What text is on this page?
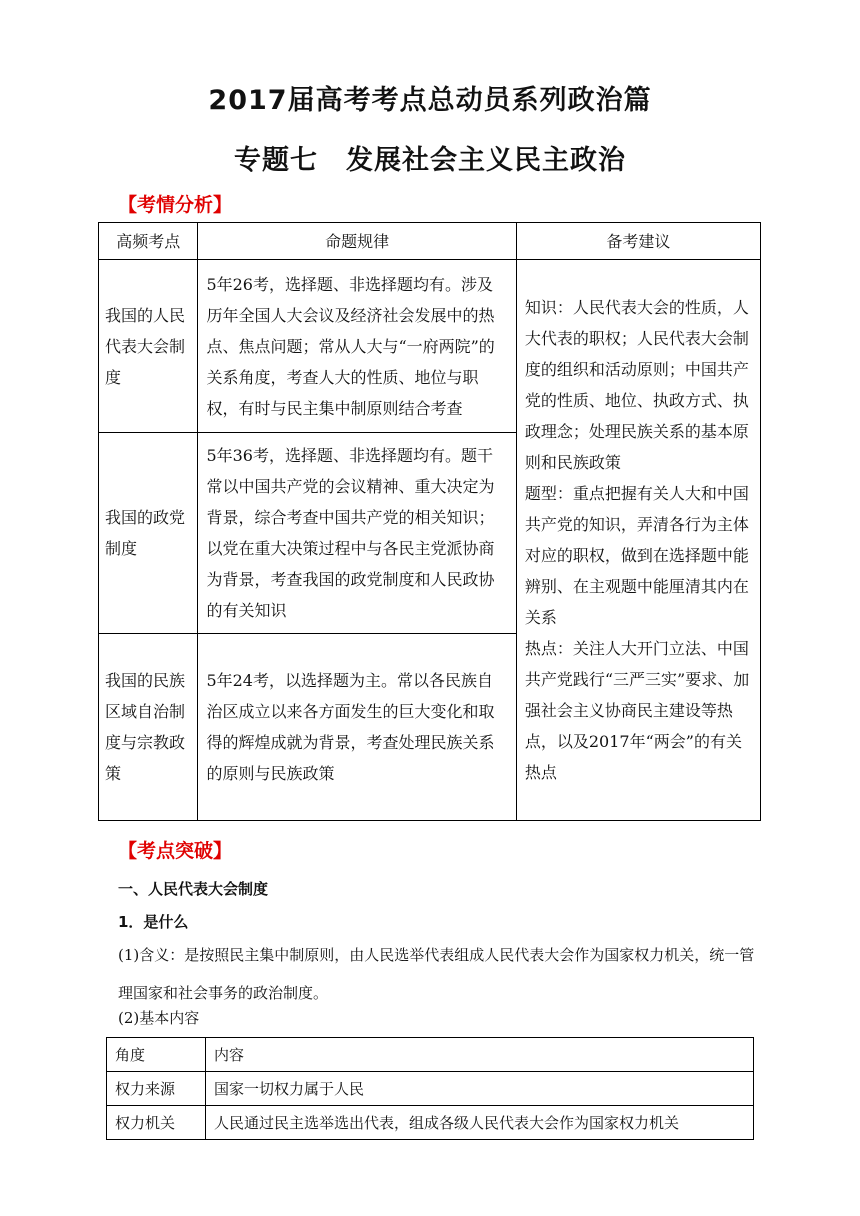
2017届高考考点总动员系列政治篇
专题七　发展社会主义民主政治
【考情分析】
高频考点	命题规律	备考建议
我国的人民代表大会制度	5年26考，选择题、非选择题均有。涉及历年全国人大会议及经济社会发展中的热点、焦点问题；常从人大与“一府两院”的关系角度，考查人大的性质、地位与职权，有时与民主集中制原则结合考查	知识：人民代表大会的性质，人大代表的职权；人民代表大会制度的组织和活动原则；中国共产党的性质、地位、执政方式、执政理念；处理民族关系的基本原则和民族政策
题型：重点把握有关人大和中国共产党的知识，弄清各行为主体对应的职权，做到在选择题中能辨别、在主观题中能厘清其内在关系
热点：关注人大开门立法、中国共产党践行“三严三实”要求、加强社会主义协商民主建设等热点，以及2017年“两会”的有关热点

我国的政党制度	5年36考，选择题、非选择题均有。题干常以中国共产党的会议精神、重大决定为背景，综合考查中国共产党的相关知识；以党在重大决策过程中与各民主党派协商为背景，考查我国的政党制度和人民政协的有关知识	
我国的民族区域自治制度与宗教政策	5年24考，以选择题为主。常以各民族自治区成立以来各方面发生的巨大变化和取得的辉煌成就为背景，考查处理民族关系的原则与民族政策	
【考点突破】
一、人民代表大会制度
1．是什么
(1)含义：是按照民主集中制原则，由人民选举代表组成人民代表大会作为国家权力机关，统一管理国家和社会事务的政治制度。
(2)基本内容
角度	内容
权力来源	国家一切权力属于人民
权力机关	人民通过民主选举选出代表，组成各级人民代表大会作为国家权力机关
